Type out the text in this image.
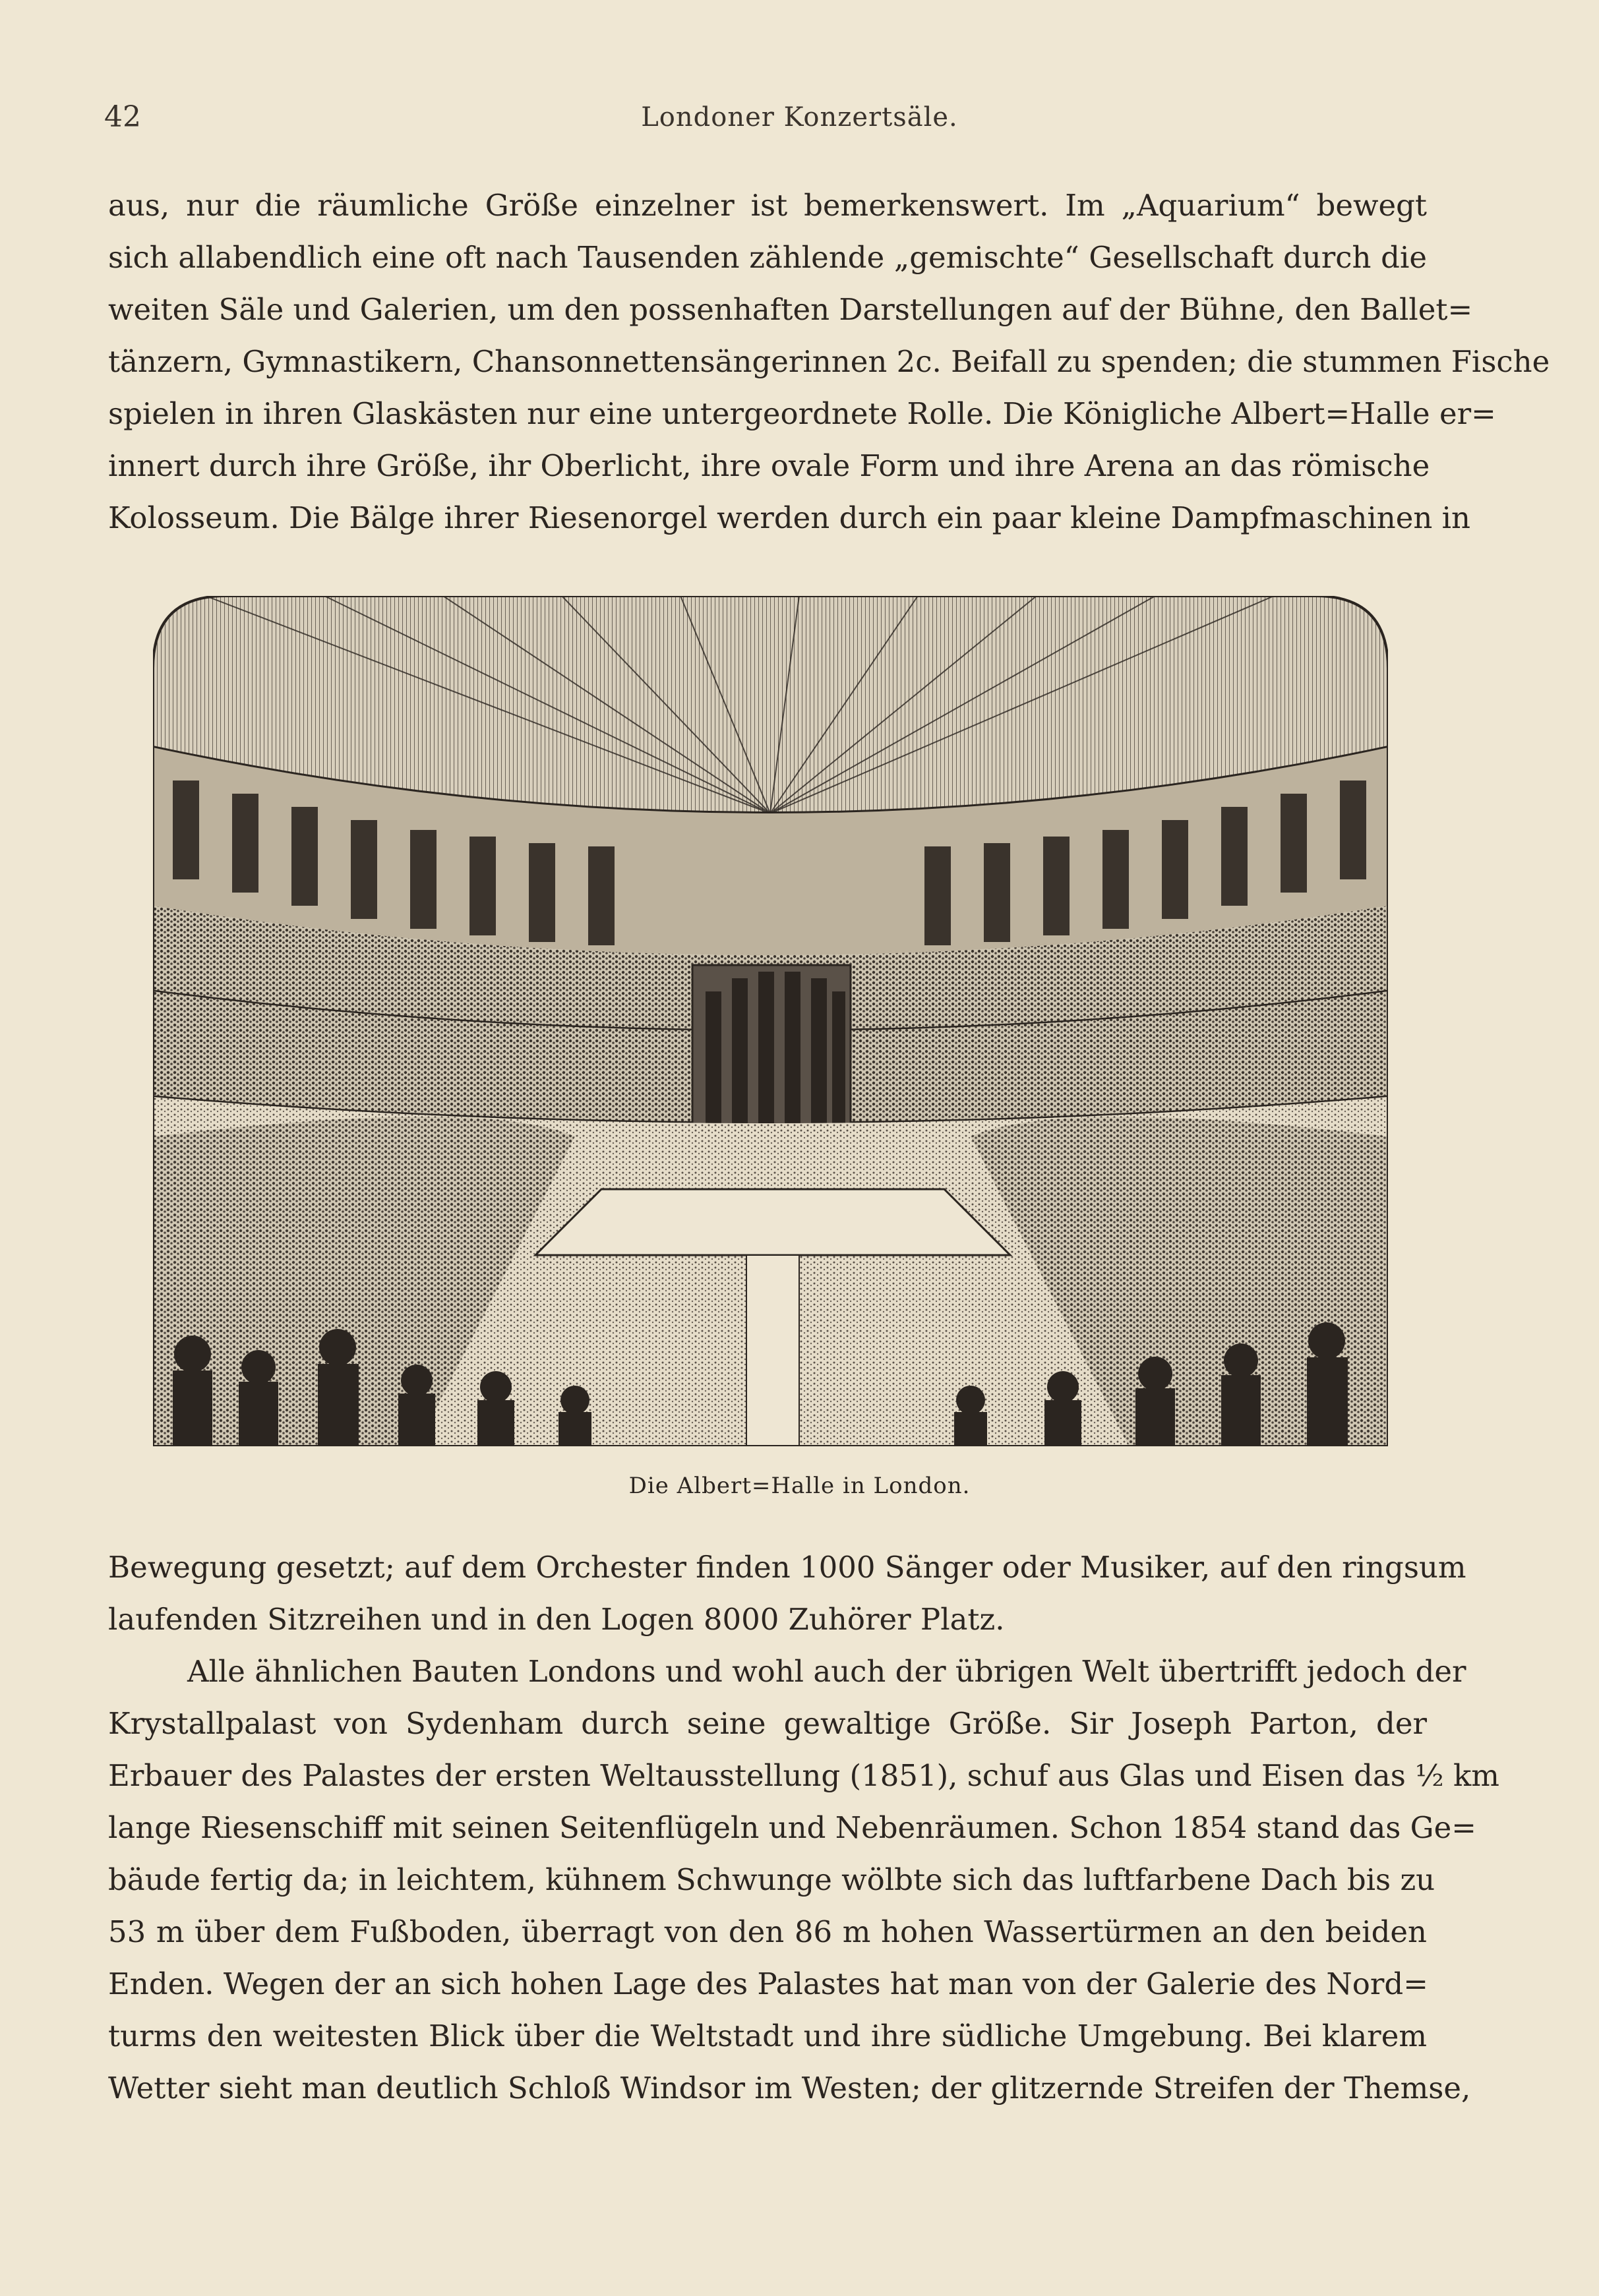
42	Londoner Konzertsäle.
aus, nur die räumliche Größe einzelner ist bemerkenswert. Im „Aquarium“ bewegt
sich allabendlich eine oft nach Tausenden zählende „gemischte“ Gesellschaft durch die
weiten Säle und Galerien, um den possenhaften Darstellungen auf der Bühne, den Ballet=
tänzern, Gymnastikern, Chansonnettensängerinnen 2c. Beifall zu spenden; die stummen Fische
spielen in ihren Glaskästen nur eine untergeordnete Rolle. Die Königliche Albert=Halle er=
innert durch ihre Größe, ihr Oberlicht, ihre ovale Form und ihre Arena an das römische
Kolosseum. Die Bälge ihrer Riesenorgel werden durch ein paar kleine Dampfmaschinen in
Die Albert=Halle in London.
Bewegung gesetzt; auf dem Orchester finden 1000 Sänger oder Musiker, auf den ringsum
laufenden Sitzreihen und in den Logen 8000 Zuhörer Platz.
Alle ähnlichen Bauten Londons und wohl auch der übrigen Welt übertrifft jedoch der
Krystallpalast von Sydenham durch seine gewaltige Größe. Sir Joseph Parton, der
Erbauer des Palastes der ersten Weltausstellung (1851), schuf aus Glas und Eisen das ½ km
lange Riesenschiff mit seinen Seitenflügeln und Nebenräumen. Schon 1854 stand das Ge=
bäude fertig da; in leichtem, kühnem Schwunge wölbte sich das luftfarbene Dach bis zu
53 m über dem Fußboden, überragt von den 86 m hohen Wassertürmen an den beiden
Enden. Wegen der an sich hohen Lage des Palastes hat man von der Galerie des Nord=
turms den weitesten Blick über die Weltstadt und ihre südliche Umgebung. Bei klarem
Wetter sieht man deutlich Schloß Windsor im Westen; der glitzernde Streifen der Themse,
